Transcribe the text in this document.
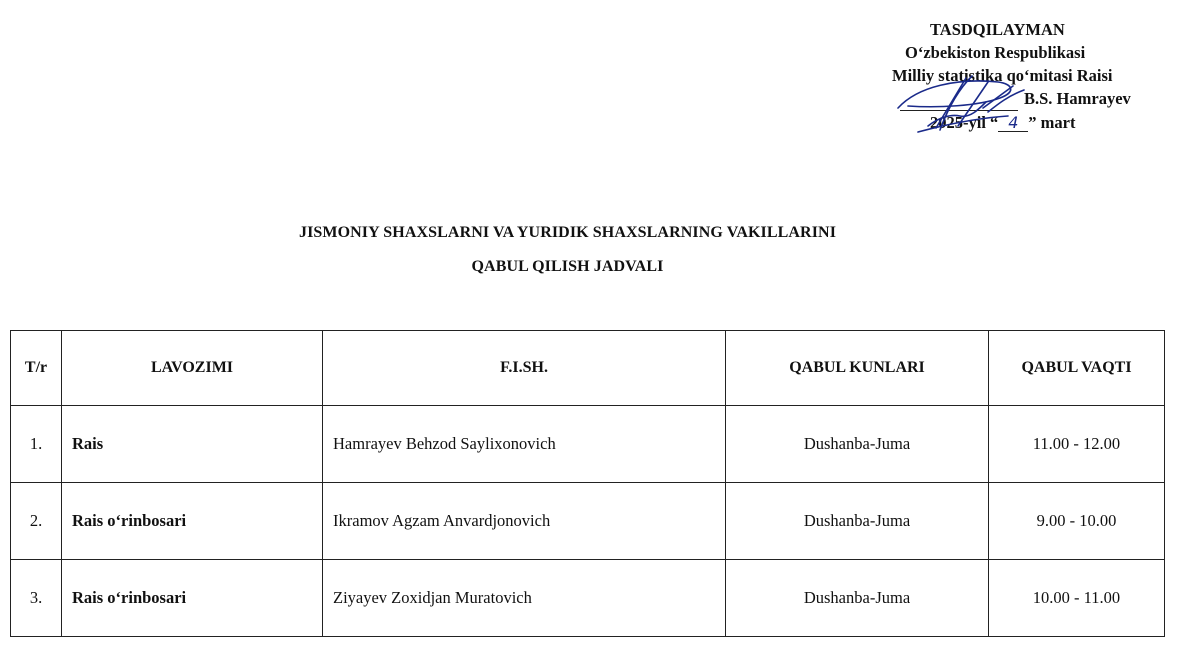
TASDQILAYMAN
O‘zbekiston Respublikasi
Milliy statistika qo‘mitasi Raisi
B.S. Hamrayev
2025-yil “ 4 ” mart
JISMONIY SHAXSLARNI VA YURIDIK SHAXSLARNING VAKILLARINI
QABUL QILISH JADVALI
T/r	LAVOZIMI	F.I.SH.	QABUL KUNLARI	QABUL VAQTI
1.	Rais	Hamrayev Behzod Saylixonovich	Dushanba-Juma	11.00 - 12.00
2.	Rais o‘rinbosari	Ikramov Agzam Anvardjonovich	Dushanba-Juma	9.00 - 10.00
3.	Rais o‘rinbosari	Ziyayev Zoxidjan Muratovich	Dushanba-Juma	10.00 - 11.00
